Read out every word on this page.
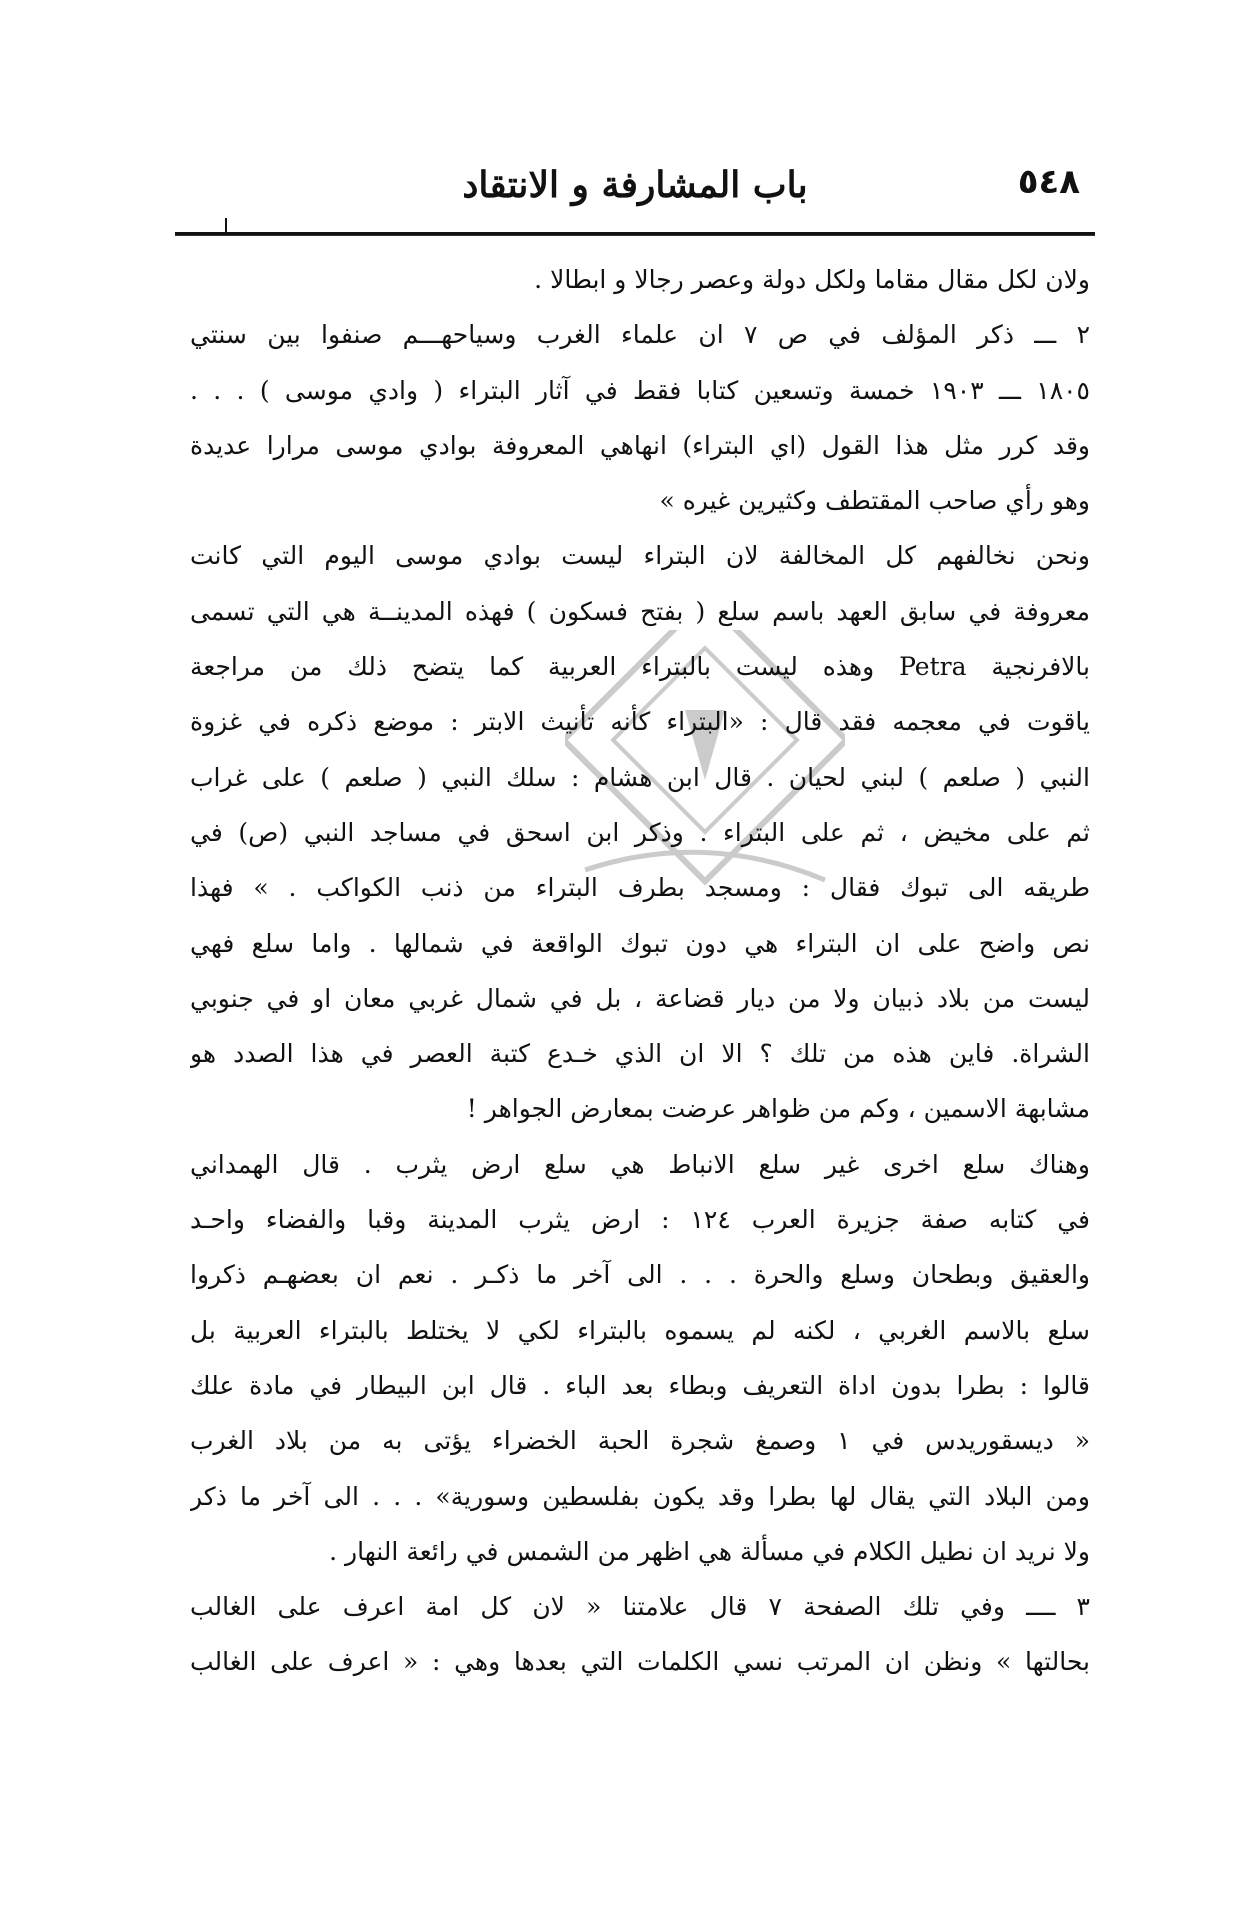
٥٤٨
باب المشارفة و الانتقاد
ولان لكل مقال مقاما ولكل دولة وعصر رجالا و ابطالا .
٢ ـــ ذكر المؤلف في ص ٧ ان علماء الغرب وسياحهـــم صنفوا بين سنتي
١٨٠٥ ـــ ١٩٠٣ خمسة وتسعين كتابا فقط في آثار البتراء ( وادي موسى ) . . .
وقد كرر مثل هذا القول (اي البتراء) انهاهي المعروفة بوادي موسى مرارا عديدة
وهو رأي صاحب المقتطف وكثيرين غيره »
ونحن نخالفهم كل المخالفة لان البتراء ليست بوادي موسى اليوم التي كانت
معروفة في سابق العهد باسم سلع ( بفتح فسكون ) فهذه المدينــة هي التي تسمى
بالافرنجية Petra وهذه ليست بالبتراء العربية كما يتضح ذلك من مراجعة
ياقوت في معجمه فقد قال : «البتراء كأنه تأنيث الابتر : موضع ذكره في غزوة
النبي ( صلعم ) لبني لحيان . قال ابن هشام : سلك النبي ( صلعم ) على غراب
ثم على مخيض ، ثم على البتراء . وذكر ابن اسحق في مساجد النبي (ص) في
طريقه الى تبوك فقال : ومسجد بطرف البتراء من ذنب الكواكب . » فهذا
نص واضح على ان البتراء هي دون تبوك الواقعة في شمالها . واما سلع فهي
ليست من بلاد ذبيان ولا من ديار قضاعة ، بل في شمال غربي معان او في جنوبي
الشراة. فاين هذه من تلك ؟ الا ان الذي خـدع كتبة العصر في هذا الصدد هو
مشابهة الاسمين ، وكم من ظواهر عرضت بمعارض الجواهر !
وهناك سلع اخرى غير سلع الانباط هي سلع ارض يثرب . قال الهمداني
في كتابه صفة جزيرة العرب ١٢٤ : ارض يثرب المدينة وقبا والفضاء واحـد
والعقيق وبطحان وسلع والحرة . . . الى آخر ما ذكـر . نعم ان بعضهـم ذكروا
سلع بالاسم الغربي ، لكنه لم يسموه بالبتراء لكي لا يختلط بالبتراء العربية بل
قالوا : بطرا بدون اداة التعريف وبطاء بعد الباء . قال ابن البيطار في مادة علك
« ديسقوريدس في ١ وصمغ شجرة الحبة الخضراء يؤتى به من بلاد الغرب
ومن البلاد التي يقال لها بطرا وقد يكون بفلسطين وسورية» . . . الى آخر ما ذكر
ولا نريد ان نطيل الكلام في مسألة هي اظهر من الشمس في رائعة النهار .
٣ ــــ وفي تلك الصفحة ٧ قال علامتنا « لان كل امة اعرف على الغالب
بحالتها » ونظن ان المرتب نسي الكلمات التي بعدها وهي : « اعرف على الغالب
